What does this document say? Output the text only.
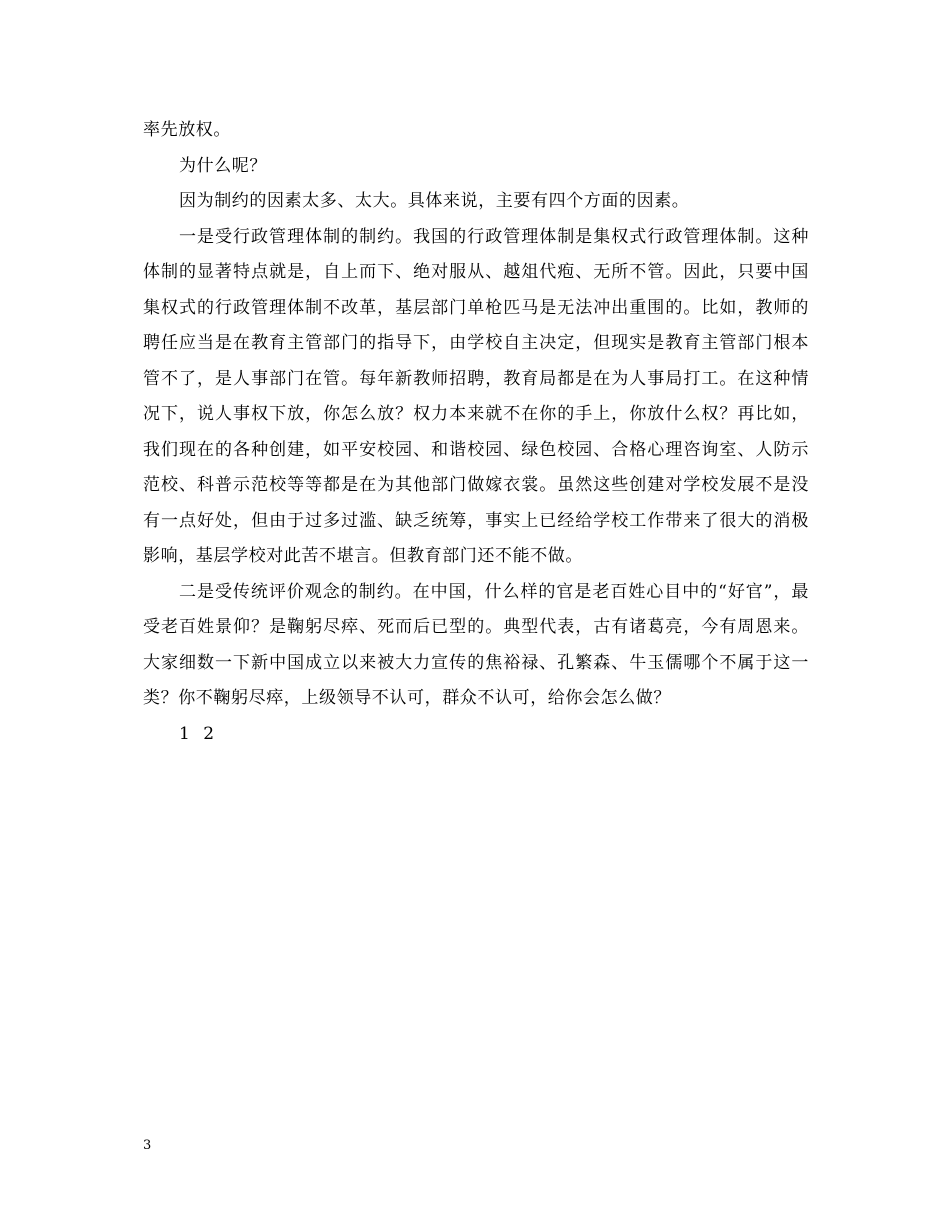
率先放权。

为什么呢？

因为制约的因素太多、太大。具体来说，主要有四个方面的因素。

一是受行政管理体制的制约。我国的行政管理体制是集权式行政管理体制。这种体制的显著特点就是，自上而下、绝对服从、越俎代疱、无所不管。因此，只要中国集权式的行政管理体制不改革，基层部门单枪匹马是无法冲出重围的。比如，教师的聘任应当是在教育主管部门的指导下，由学校自主决定，但现实是教育主管部门根本管不了，是人事部门在管。每年新教师招聘，教育局都是在为人事局打工。在这种情况下，说人事权下放，你怎么放？权力本来就不在你的手上，你放什么权？再比如，我们现在的各种创建，如平安校园、和谐校园、绿色校园、合格心理咨询室、人防示范校、科普示范校等等都是在为其他部门做嫁衣裳。虽然这些创建对学校发展不是没有一点好处，但由于过多过滥、缺乏统筹，事实上已经给学校工作带来了很大的消极影响，基层学校对此苦不堪言。但教育部门还不能不做。

二是受传统评价观念的制约。在中国，什么样的官是老百姓心目中的“好官”，最受老百姓景仰？是鞠躬尽瘁、死而后已型的。典型代表，古有诸葛亮，今有周恩来。大家细数一下新中国成立以来被大力宣传的焦裕禄、孔繁森、牛玉儒哪个不属于这一类？你不鞠躬尽瘁，上级领导不认可，群众不认可，给你会怎么做？

1 2

3
